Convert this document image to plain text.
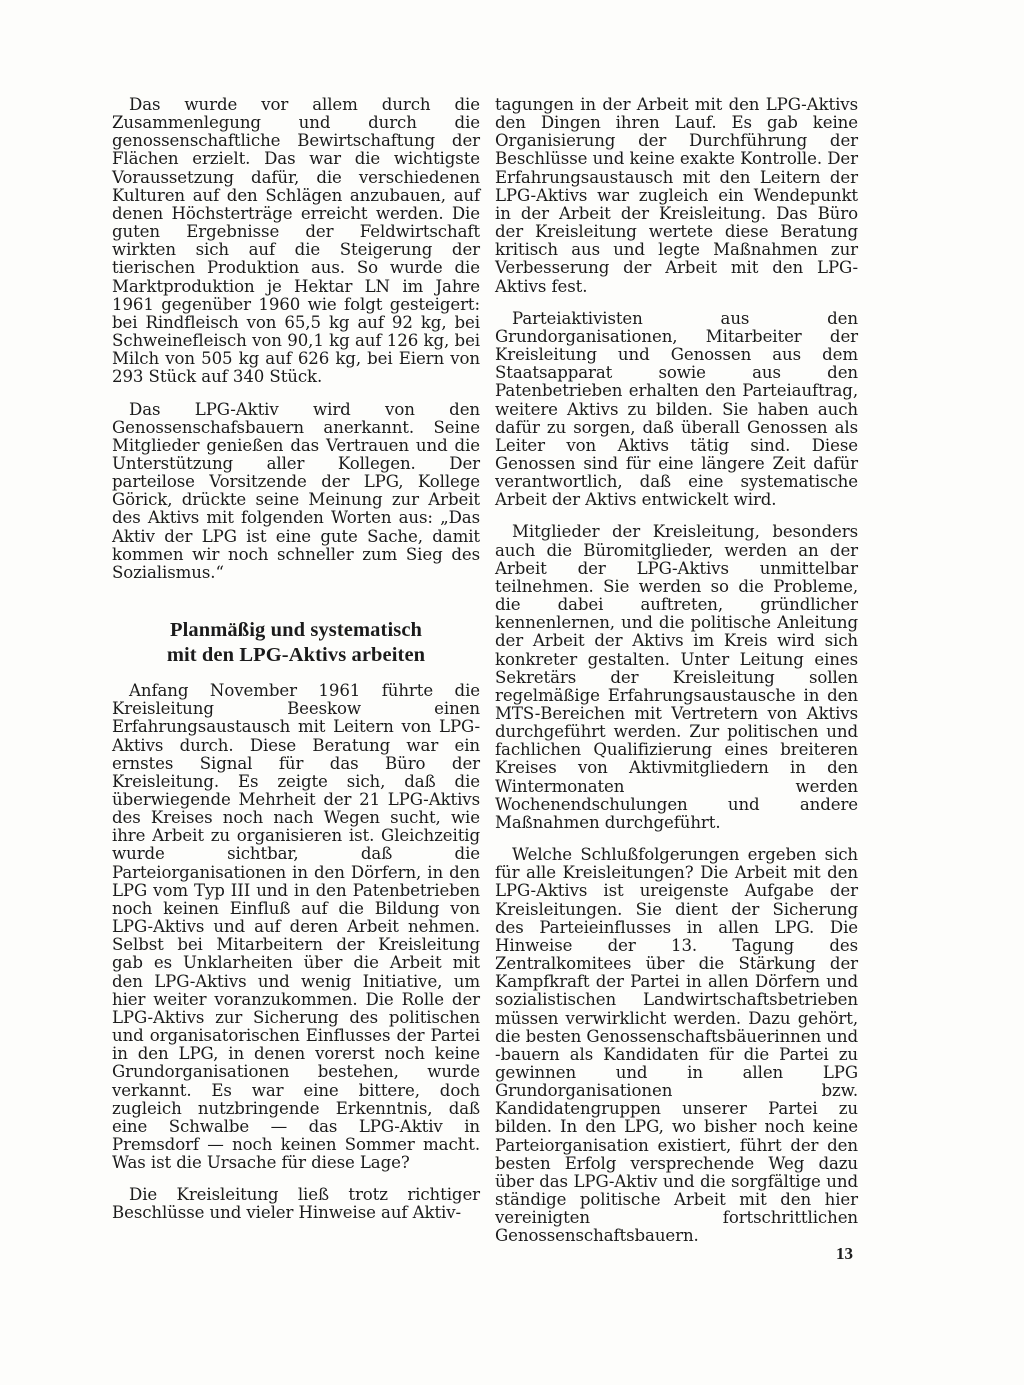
Das wurde vor allem durch die Zusammenlegung und durch die genossenschaftliche Bewirtschaftung der Flächen erzielt. Das war die wichtigste Voraussetzung dafür, die verschiedenen Kulturen auf den Schlägen anzubauen, auf denen Höchsterträge erreicht werden. Die guten Ergebnisse der Feldwirtschaft wirkten sich auf die Steigerung der tierischen Produktion aus. So wurde die Marktproduktion je Hektar LN im Jahre 1961 gegenüber 1960 wie folgt gesteigert: bei Rindfleisch von 65,5 kg auf 92 kg, bei Schweinefleisch von 90,1 kg auf 126 kg, bei Milch von 505 kg auf 626 kg, bei Eiern von 293 Stück auf 340 Stück.

Das LPG-Aktiv wird von den Genossenschafsbauern anerkannt. Seine Mitglieder genießen das Vertrauen und die Unterstützung aller Kollegen. Der parteilose Vorsitzende der LPG, Kollege Görick, drückte seine Meinung zur Arbeit des Aktivs mit folgenden Worten aus: „Das Aktiv der LPG ist eine gute Sache, damit kommen wir noch schneller zum Sieg des Sozialismus.“

Planmäßig und systematisch
mit den LPG-Aktivs arbeiten

Anfang November 1961 führte die Kreisleitung Beeskow einen Erfahrungsaustausch mit Leitern von LPG-Aktivs durch. Diese Beratung war ein ernstes Signal für das Büro der Kreisleitung. Es zeigte sich, daß die überwiegende Mehrheit der 21 LPG-Aktivs des Kreises noch nach Wegen sucht, wie ihre Arbeit zu organisieren ist. Gleichzeitig wurde sichtbar, daß die Parteiorganisationen in den Dörfern, in den LPG vom Typ III und in den Patenbetrieben noch keinen Einfluß auf die Bildung von LPG-Aktivs und auf deren Arbeit nehmen. Selbst bei Mitarbeitern der Kreisleitung gab es Unklarheiten über die Arbeit mit den LPG-Aktivs und wenig Initiative, um hier weiter voranzukommen. Die Rolle der LPG-Aktivs zur Sicherung des politischen und organisatorischen Einflusses der Partei in den LPG, in denen vorerst noch keine Grundorganisationen bestehen, wurde verkannt. Es war eine bittere, doch zugleich nutzbringende Erkenntnis, daß eine Schwalbe — das LPG-Aktiv in Premsdorf — noch keinen Sommer macht. Was ist die Ursache für diese Lage?

Die Kreisleitung ließ trotz richtiger Beschlüsse und vieler Hinweise auf Aktiv-

tagungen in der Arbeit mit den LPG-Aktivs den Dingen ihren Lauf. Es gab keine Organisierung der Durchführung der Beschlüsse und keine exakte Kontrolle. Der Erfahrungsaustausch mit den Leitern der LPG-Aktivs war zugleich ein Wendepunkt in der Arbeit der Kreisleitung. Das Büro der Kreisleitung wertete diese Beratung kritisch aus und legte Maßnahmen zur Verbesserung der Arbeit mit den LPG-Aktivs fest.

Parteiaktivisten aus den Grundorganisationen, Mitarbeiter der Kreisleitung und Genossen aus dem Staatsapparat sowie aus den Patenbetrieben erhalten den Parteiauftrag, weitere Aktivs zu bilden. Sie haben auch dafür zu sorgen, daß überall Genossen als Leiter von Aktivs tätig sind. Diese Genossen sind für eine längere Zeit dafür verantwortlich, daß eine systematische Arbeit der Aktivs entwickelt wird.

Mitglieder der Kreisleitung, besonders auch die Büromitglieder, werden an der Arbeit der LPG-Aktivs unmittelbar teilnehmen. Sie werden so die Probleme, die dabei auftreten, gründlicher kennenlernen, und die politische Anleitung der Arbeit der Aktivs im Kreis wird sich konkreter gestalten. Unter Leitung eines Sekretärs der Kreisleitung sollen regelmäßige Erfahrungsaustausche in den MTS-Bereichen mit Vertretern von Aktivs durchgeführt werden. Zur politischen und fachlichen Qualifizierung eines breiteren Kreises von Aktivmitgliedern in den Wintermonaten werden Wochenendschulungen und andere Maßnahmen durchgeführt.

Welche Schlußfolgerungen ergeben sich für alle Kreisleitungen? Die Arbeit mit den LPG-Aktivs ist ureigenste Aufgabe der Kreisleitungen. Sie dient der Sicherung des Parteieinflusses in allen LPG. Die Hinweise der 13. Tagung des Zentralkomitees über die Stärkung der Kampfkraft der Partei in allen Dörfern und sozialistischen Landwirtschaftsbetrieben müssen verwirklicht werden. Dazu gehört, die besten Genossenschaftsbäuerinnen und -bauern als Kandidaten für die Partei zu gewinnen und in allen LPG Grundorganisationen bzw. Kandidatengruppen unserer Partei zu bilden. In den LPG, wo bisher noch keine Parteiorganisation existiert, führt der den besten Erfolg versprechende Weg dazu über das LPG-Aktiv und die sorgfältige und ständige politische Arbeit mit den hier vereinigten fortschrittlichen Genossenschaftsbauern.

13
